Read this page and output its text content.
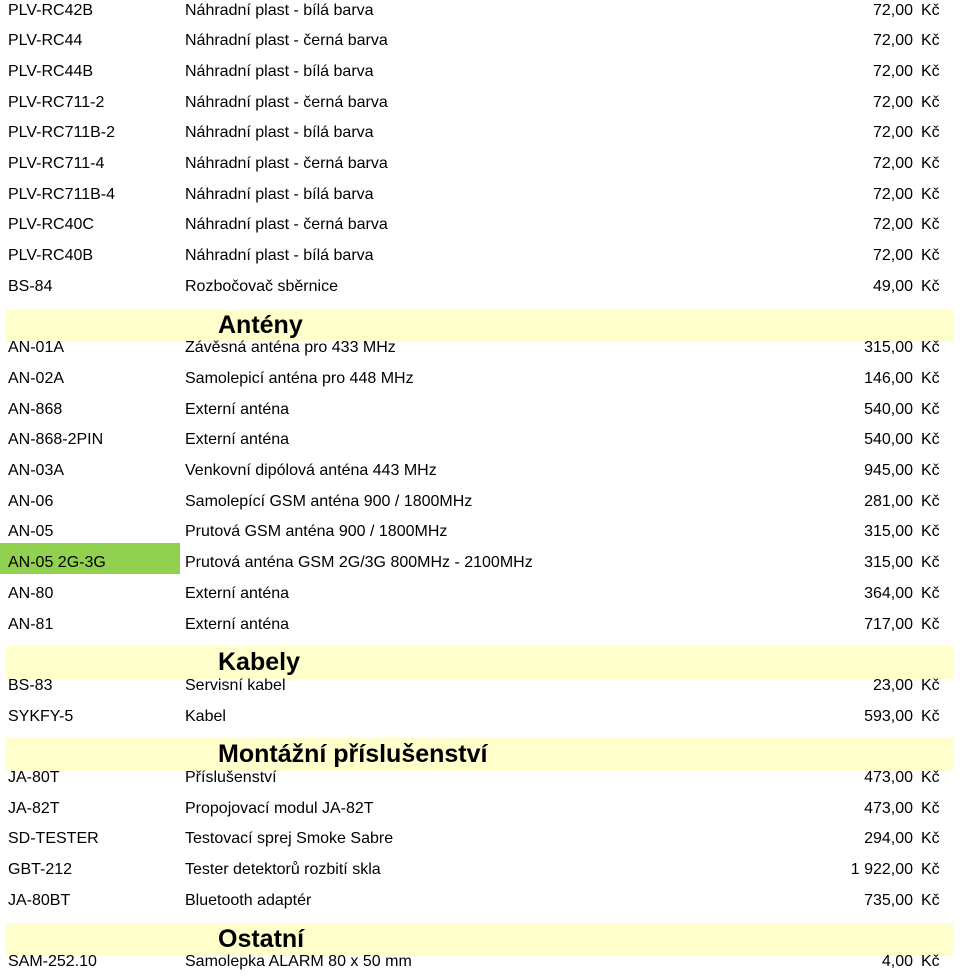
PLV-RC42B	Náhradní plast - bílá barva	72,00 Kč
PLV-RC44	Náhradní plast - černá barva	72,00 Kč
PLV-RC44B	Náhradní plast - bílá barva	72,00 Kč
PLV-RC711-2	Náhradní plast - černá barva	72,00 Kč
PLV-RC711B-2	Náhradní plast - bílá barva	72,00 Kč
PLV-RC711-4	Náhradní plast - černá barva	72,00 Kč
PLV-RC711B-4	Náhradní plast - bílá barva	72,00 Kč
PLV-RC40C	Náhradní plast - černá barva	72,00 Kč
PLV-RC40B	Náhradní plast - bílá barva	72,00 Kč
BS-84	Rozbočovač sběrnice	49,00 Kč
Antény
AN-01A	Závěsná anténa pro 433 MHz	315,00 Kč
AN-02A	Samolepicí anténa pro 448 MHz	146,00 Kč
AN-868	Externí anténa	540,00 Kč
AN-868-2PIN	Externí anténa	540,00 Kč
AN-03A	Venkovní dipólová anténa 443 MHz	945,00 Kč
AN-06	Samolepící GSM anténa 900 / 1800MHz	281,00 Kč
AN-05	Prutová GSM anténa 900 / 1800MHz	315,00 Kč
AN-05 2G-3G	Prutová anténa GSM 2G/3G 800MHz - 2100MHz	315,00 Kč
AN-80	Externí anténa	364,00 Kč
AN-81	Externí anténa	717,00 Kč
Kabely
BS-83	Servisní kabel	23,00 Kč
SYKFY-5	Kabel	593,00 Kč
Montážní příslušenství
JA-80T	Příslušenství	473,00 Kč
JA-82T	Propojovací modul JA-82T	473,00 Kč
SD-TESTER	Testovací sprej Smoke Sabre	294,00 Kč
GBT-212	Tester detektorů rozbití skla	1 922,00 Kč
JA-80BT	Bluetooth adaptér	735,00 Kč
Ostatní
SAM-252.10	Samolepka ALARM 80 x 50 mm	4,00 Kč
